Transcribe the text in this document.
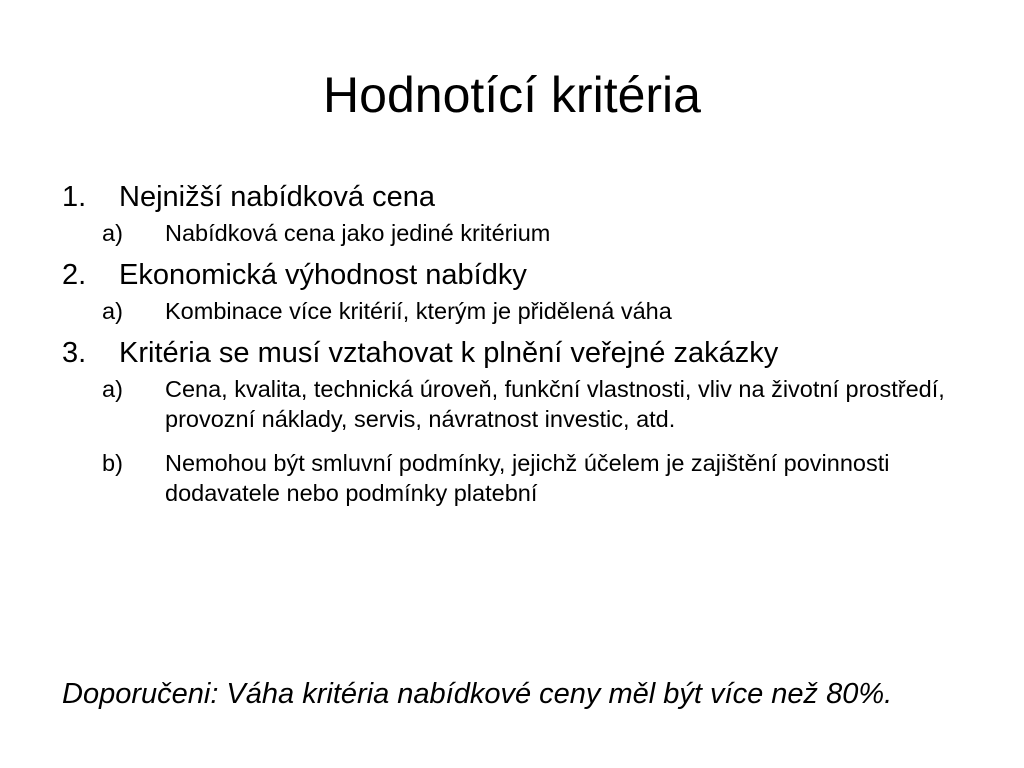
Hodnotící kritéria
1. Nejnižší nabídková cena
a) Nabídková cena jako jediné kritérium
2. Ekonomická výhodnost nabídky
a) Kombinace více kritérií, kterým je přidělená váha
3. Kritéria se musí vztahovat k plnění veřejné zakázky
a) Cena, kvalita, technická úroveň, funkční vlastnosti, vliv na životní prostředí, provozní náklady, servis, návratnost investic, atd.
b) Nemohou být smluvní podmínky, jejichž účelem je zajištění povinnosti dodavatele nebo podmínky platební
Doporučeni: Váha kritéria nabídkové ceny měl být více než 80%.
